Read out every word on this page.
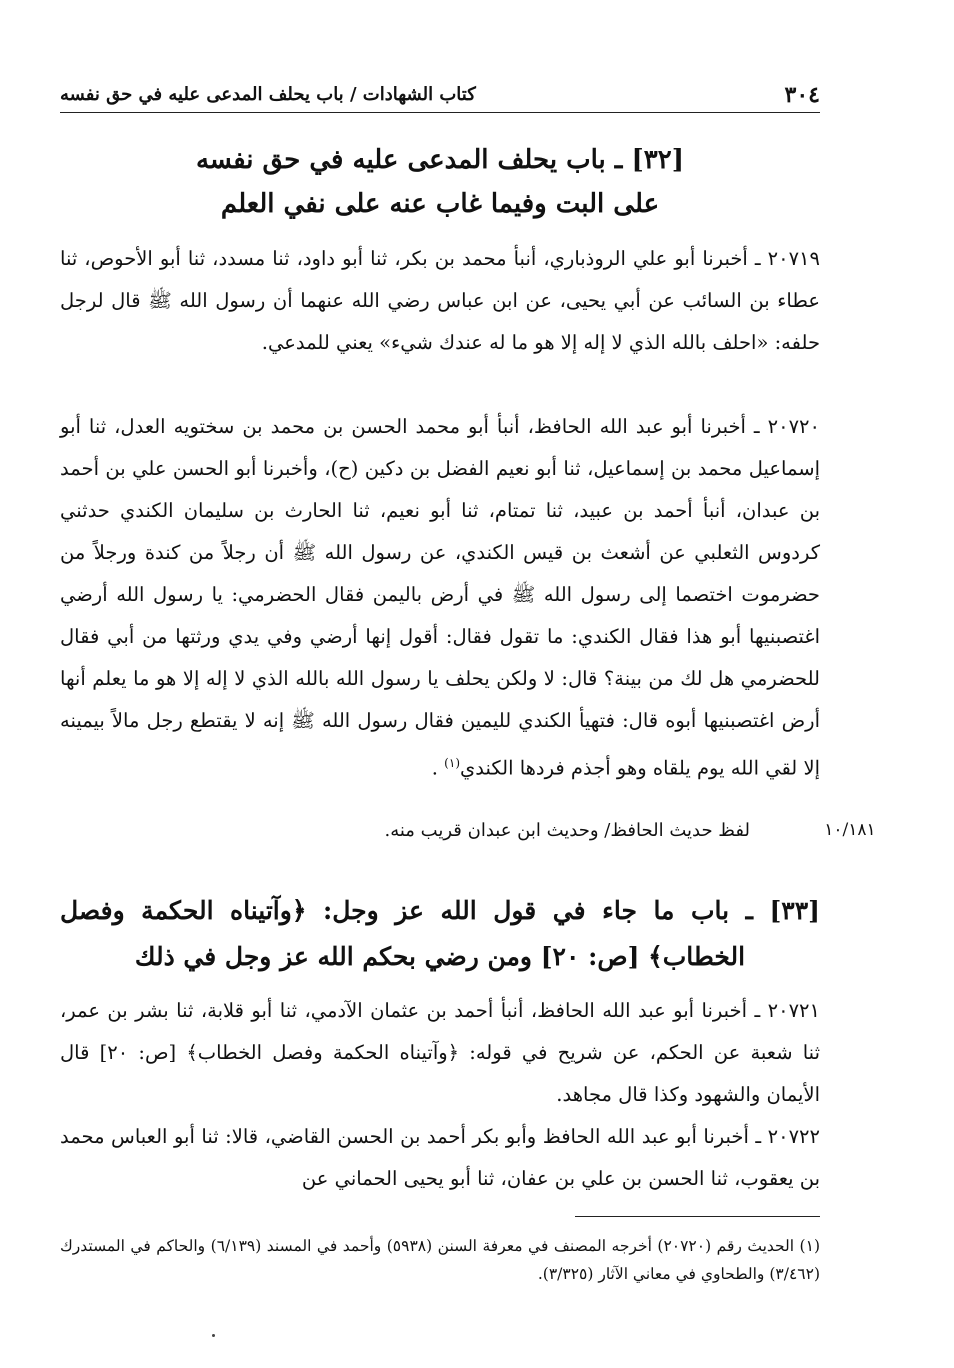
٣٠٤
كتاب الشهادات / باب يحلف المدعى عليه في حق نفسه
[٣٢] ـ باب يحلف المدعى عليه في حق نفسه
على البت وفيما غاب عنه على نفي العلم
٢٠٧١٩ ـ أخبرنا أبو علي الروذباري، أنبأ محمد بن بكر، ثنا أبو داود، ثنا مسدد، ثنا أبو الأحوص، ثنا عطاء بن السائب عن أبي يحيى، عن ابن عباس رضي الله عنهما أن رسول الله ﷺ قال لرجل حلفه: «احلف بالله الذي لا إله إلا هو ما له عندك شيء» يعني للمدعي.
٢٠٧٢٠ ـ أخبرنا أبو عبد الله الحافظ، أنبأ أبو محمد الحسن بن محمد بن سختويه العدل، ثنا أبو إسماعيل محمد بن إسماعيل، ثنا أبو نعيم الفضل بن دكين (ح)، وأخبرنا أبو الحسن علي بن أحمد بن عبدان، أنبأ أحمد بن عبيد، ثنا تمتام، ثنا أبو نعيم، ثنا الحارث بن سليمان الكندي حدثني كردوس الثعلبي عن أشعث بن قيس الكندي، عن رسول الله ﷺ أن رجلاً من كندة ورجلاً من حضرموت اختصما إلى رسول الله ﷺ في أرض باليمن فقال الحضرمي: يا رسول الله أرضي اغتصبنيها أبو هذا فقال الكندي: ما تقول فقال: أقول إنها أرضي وفي يدي ورثتها من أبي فقال للحضرمي هل لك من بينة؟ قال: لا ولكن يحلف يا رسول الله بالله الذي لا إله إلا هو ما يعلم أنها أرض اغتصبنيها أبوه قال: فتهيأ الكندي لليمين فقال رسول الله ﷺ إنه لا يقتطع رجل مالاً بيمينه إلا لقي الله يوم يلقاه وهو أجذم فردها الكندي$^{(١)}$ .
١٠/١٨١
لفظ حديث الحافظ/ وحديث ابن عبدان قريب منه.
[٣٣] ـ باب ما جاء في قول الله عز وجل: ﴿وآتيناه الحكمة وفصل الخطاب﴾ [ص: ٢٠] ومن رضي بحكم الله عز وجل في ذلك
٢٠٧٢١ ـ أخبرنا أبو عبد الله الحافظ، أنبأ أحمد بن عثمان الآدمي، ثنا أبو قلابة، ثنا بشر بن عمر، ثنا شعبة عن الحكم، عن شريح في قوله: ﴿وآتيناه الحكمة وفصل الخطاب﴾ [ص: ٢٠] قال الأيمان والشهود وكذا قال مجاهد.
٢٠٧٢٢ ـ أخبرنا أبو عبد الله الحافظ وأبو بكر أحمد بن الحسن القاضي، قالا: ثنا أبو العباس محمد بن يعقوب، ثنا الحسن بن علي بن عفان، ثنا أبو يحيى الحماني عن
(١) الحديث رقم (٢٠٧٢٠) أخرجه المصنف في معرفة السنن (٥٩٣٨) وأحمد في المسند (٦/١٣٩) والحاكم في المستدرك (٣/٤٦٢) والطحاوي في معاني الآثار (٣/٣٢٥).
